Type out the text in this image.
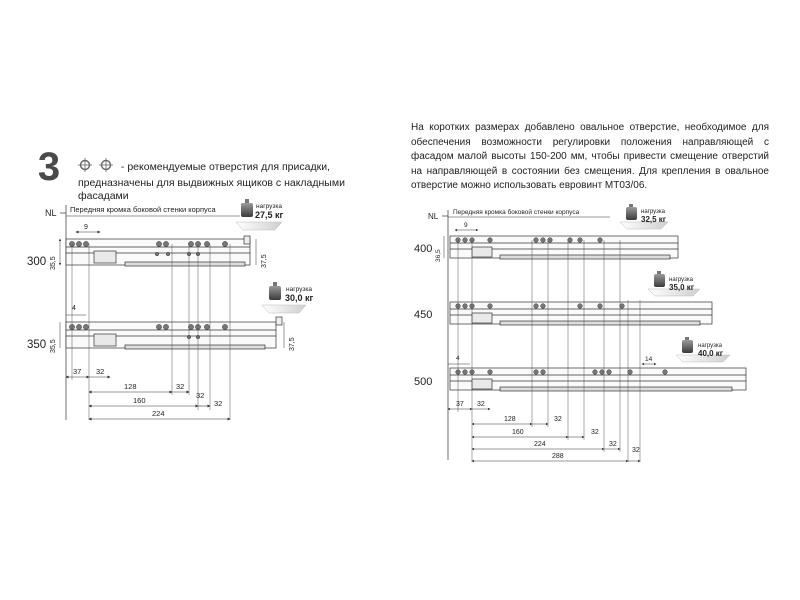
3	- рекомендуемые отверстия для присадки,
предназначены для выдвижных ящиков с накладными фасадами
На коротких размерах добавлено овальное отверстие, необходимое для обеспечения возможности регулировки положения направляющей с фасадом малой высоты 150-200 мм, чтобы привести смещение отверстий на направляющей в состоянии без смещения. Для крепления в овальное отверстие можно использовать евровинт МТ03/06.
NL Передняя кромка боковой стенки корпуса
9
300 35,5	37,5
нагрузка
27,5 кг
4
350 35,5	37,5
нагрузка
30,0 кг
37 32
128	32
160
32
224
32
NL Передняя кромка боковой стенки корпуса
9
400
36,5
нагрузка
32,5 кг
450
нагрузка
35,0 кг
4
500
14
нагрузка
40,0 кг
37 32
128	32
160	32
224	32
288
32
